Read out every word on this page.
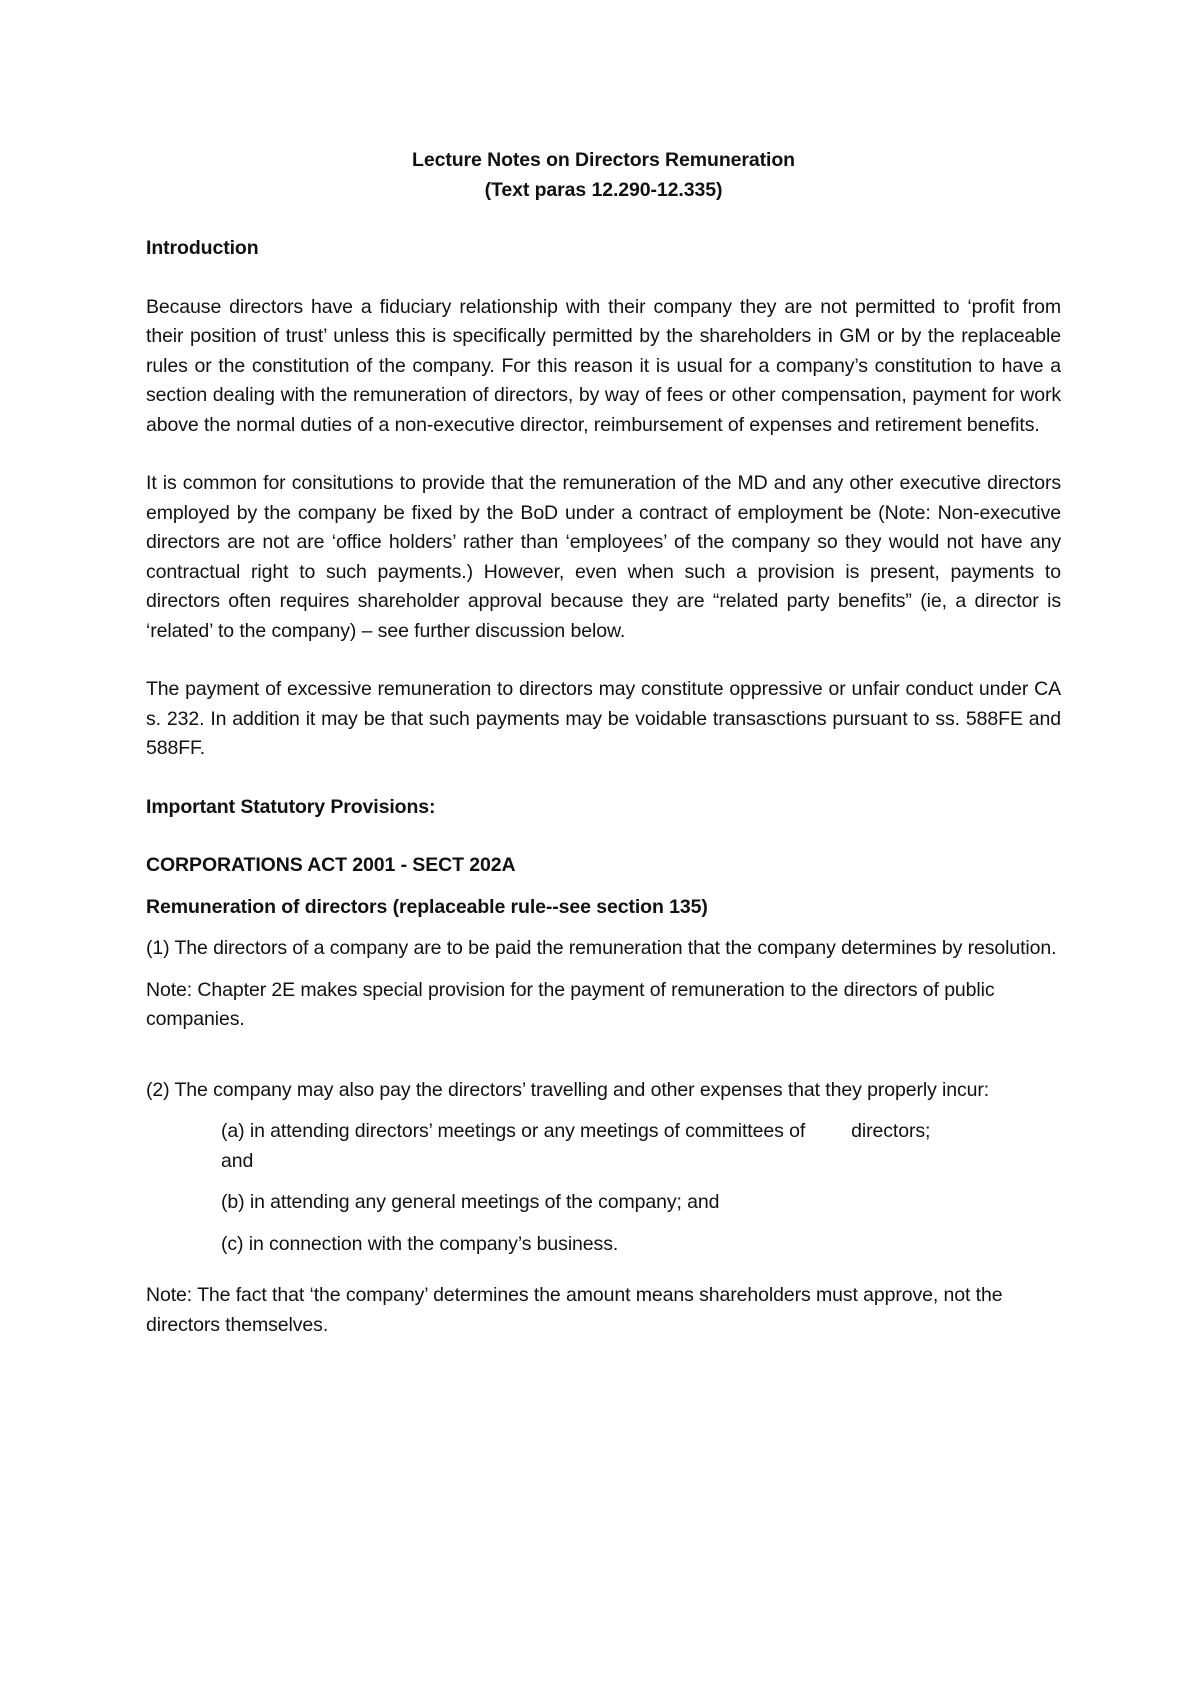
Lecture Notes on Directors Remuneration

(Text paras 12.290-12.335)

Introduction

Because directors have a fiduciary relationship with their company they are not permitted to ‘profit from their position of trust’ unless this is specifically permitted by the shareholders in GM or by the replaceable rules or the constitution of the company. For this reason it is usual for a company’s constitution to have a section dealing with the remuneration of directors, by way of fees or other compensation, payment for work above the normal duties of a non-executive director, reimbursement of expenses and retirement benefits.

It is common for consitutions to provide that the remuneration of the MD and any other executive directors employed by the company be fixed by the BoD under a contract of employment be (Note: Non-executive directors are not are ‘office holders’ rather than ‘employees’ of the company so they would not have any contractual right to such payments.) However, even when such a provision is present, payments to directors often requires shareholder approval because they are “related party benefits” (ie, a director is ‘related’ to the company) – see further discussion below.

The payment of excessive remuneration to directors may constitute oppressive or unfair conduct under CA s. 232. In addition it may be that such payments may be voidable transasctions pursuant to ss. 588FE and 588FF.

Important Statutory Provisions:

CORPORATIONS ACT 2001 - SECT 202A

Remuneration of directors (replaceable rule--see section 135)

(1) The directors of a company are to be paid the remuneration that the company determines by resolution.

Note: Chapter 2E makes special provision for the payment of remuneration to the directors of public companies.

(2) The company may also pay the directors’ travelling and other expenses that they properly incur:

(a) in attending directors’ meetings or any meetings of committees of directors;

and

(b) in attending any general meetings of the company; and

(c) in connection with the company’s business.

Note: The fact that ‘the company’ determines the amount means shareholders must approve, not the directors themselves.
